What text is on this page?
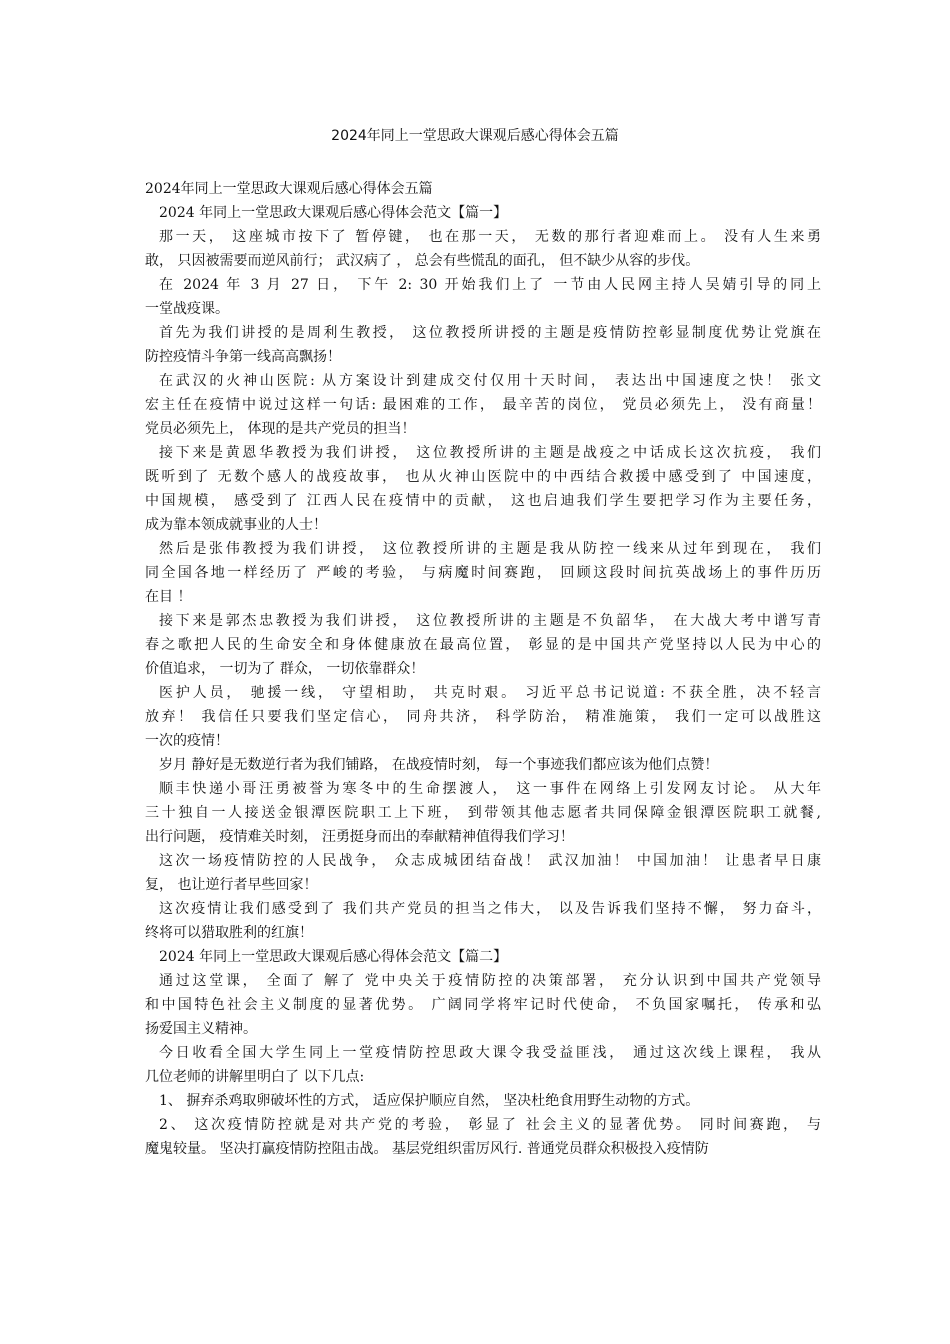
2024年同上一堂思政大课观后感心得体会五篇
2024年同上一堂思政大课观后感心得体会五篇
2024 年同上一堂思政大课观后感心得体会范文【篇一】
那一天， 这座城市按下了 暂停键， 也在那一天， 无数的那行者迎难而上。 没有人生来勇
敢， 只因被需要而逆风前行； 武汉病了 ， 总会有些慌乱的面孔， 但不缺少从容的步伐。
在 2024 年 3 月 27 日， 下午 2: 30 开始我们上了 一节由人民网主持人吴婧引导的同上
一堂战疫课。
首先为我们讲授的是周利生教授， 这位教授所讲授的主题是疫情防控彰显制度优势让党旗在
防控疫情斗争第一线高高飘扬！
在武汉的火神山医院: 从方案设计到建成交付仅用十天时间， 表达出中国速度之快！ 张文
宏主任在疫情中说过这样一句话: 最困难的工作， 最辛苦的岗位， 党员必须先上， 没有商量！
党员必须先上， 体现的是共产党员的担当！
接下来是黄恩华教授为我们讲授， 这位教授所讲的主题是战疫之中话成长这次抗疫， 我们
既听到了 无数个感人的战疫故事， 也从火神山医院中的中西结合救援中感受到了 中国速度，
中国规模， 感受到了 江西人民在疫情中的贡献， 这也启迪我们学生要把学习作为主要任务，
成为靠本领成就事业的人士！
然后是张伟教授为我们讲授， 这位教授所讲的主题是我从防控一线来从过年到现在， 我们
同全国各地一样经历了 严峻的考验， 与病魔时间赛跑， 回顾这段时间抗英战场上的事件历历
在目 ！
接下来是郭杰忠教授为我们讲授， 这位教授所讲的主题是不负韶华， 在大战大考中谱写青
春之歌把人民的生命安全和身体健康放在最高位置， 彰显的是中国共产党坚持以人民为中心的
价值追求， 一切为了 群众， 一切依靠群众！
医护人员， 驰援一线， 守望相助， 共克时艰。 习近平总书记说道: 不获全胜，决不轻言
放弃！ 我信任只要我们坚定信心， 同舟共济， 科学防治， 精准施策， 我们一定可以战胜这
一次的疫情！
岁月 静好是无数逆行者为我们铺路， 在战疫情时刻， 每一个事迹我们都应该为他们点赞！
顺丰快递小哥汪勇被誉为寒冬中的生命摆渡人， 这一事件在网络上引发网友讨论。 从大年
三十独自一人接送金银潭医院职工上下班， 到带领其他志愿者共同保障金银潭医院职工就餐,
出行问题， 疫情难关时刻， 汪勇挺身而出的奉献精神值得我们学习！
这次一场疫情防控的人民战争， 众志成城团结奋战！ 武汉加油！ 中国加油！ 让患者早日康
复， 也让逆行者早些回家！
这次疫情让我们感受到了 我们共产党员的担当之伟大， 以及告诉我们坚持不懈， 努力奋斗，
终将可以猎取胜利的红旗！
2024 年同上一堂思政大课观后感心得体会范文【篇二】
通过这堂课， 全面了 解了 党中央关于疫情防控的决策部署， 充分认识到中国共产党领导
和中国特色社会主义制度的显著优势。 广阔同学将牢记时代使命， 不负国家嘱托， 传承和弘
扬爱国主义精神。
今日收看全国大学生同上一堂疫情防控思政大课令我受益匪浅， 通过这次线上课程， 我从
几位老师的讲解里明白了 以下几点:
1、 摒弃杀鸡取卵破坏性的方式， 适应保护顺应自然， 坚决杜绝食用野生动物的方式。
2、 这次疫情防控就是对共产党的考验， 彰显了 社会主义的显著优势。 同时间赛跑， 与
魔鬼较量。 坚决打赢疫情防控阻击战。 基层党组织雷厉风行. 普通党员群众积极投入疫情防
